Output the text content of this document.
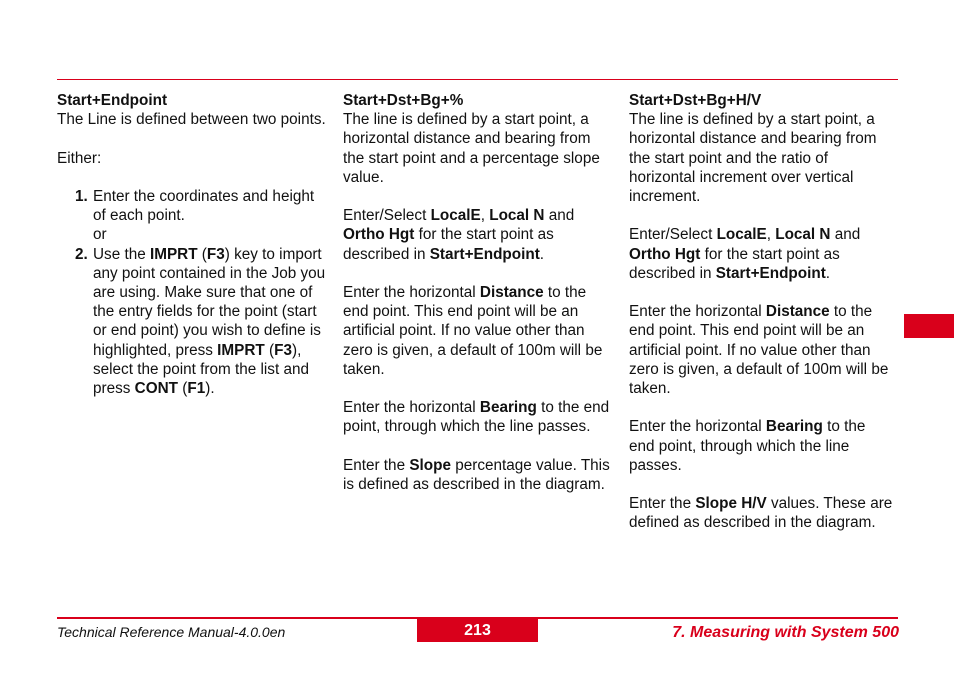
Start+Endpoint

The Line is defined between two points.

Either:

1. Enter the coordinates and height of each point.
or
2. Use the IMPRT (F3) key to import any point contained in the Job you are using. Make sure that one of the entry fields for the point (start or end point) you wish to define is highlighted, press IMPRT (F3), select the point from the list and press CONT (F1).

Start+Dst+Bg+%

The line is defined by a start point, a horizontal distance and bearing from the start point and a percentage slope value.

Enter/Select LocalE, Local N and Ortho Hgt for the start point as described in Start+Endpoint.

Enter the horizontal Distance to the end point. This end point will be an artificial point. If no value other than zero is given, a default of 100m will be taken.

Enter the horizontal Bearing to the end point, through which the line passes.

Enter the Slope percentage value. This is defined as described in the diagram.

Start+Dst+Bg+H/V

The line is defined by a start point, a horizontal distance and bearing from the start point and the ratio of horizontal increment over vertical increment.

Enter/Select LocalE, Local N and Ortho Hgt for the start point as described in Start+Endpoint.

Enter the horizontal Distance to the end point. This end point will be an artificial point. If no value other than zero is given, a default of 100m will be taken.

Enter the horizontal Bearing to the end point, through which the line passes.

Enter the Slope H/V values. These are defined as described in the diagram.

Technical Reference Manual-4.0.0en	213	7. Measuring with System 500
